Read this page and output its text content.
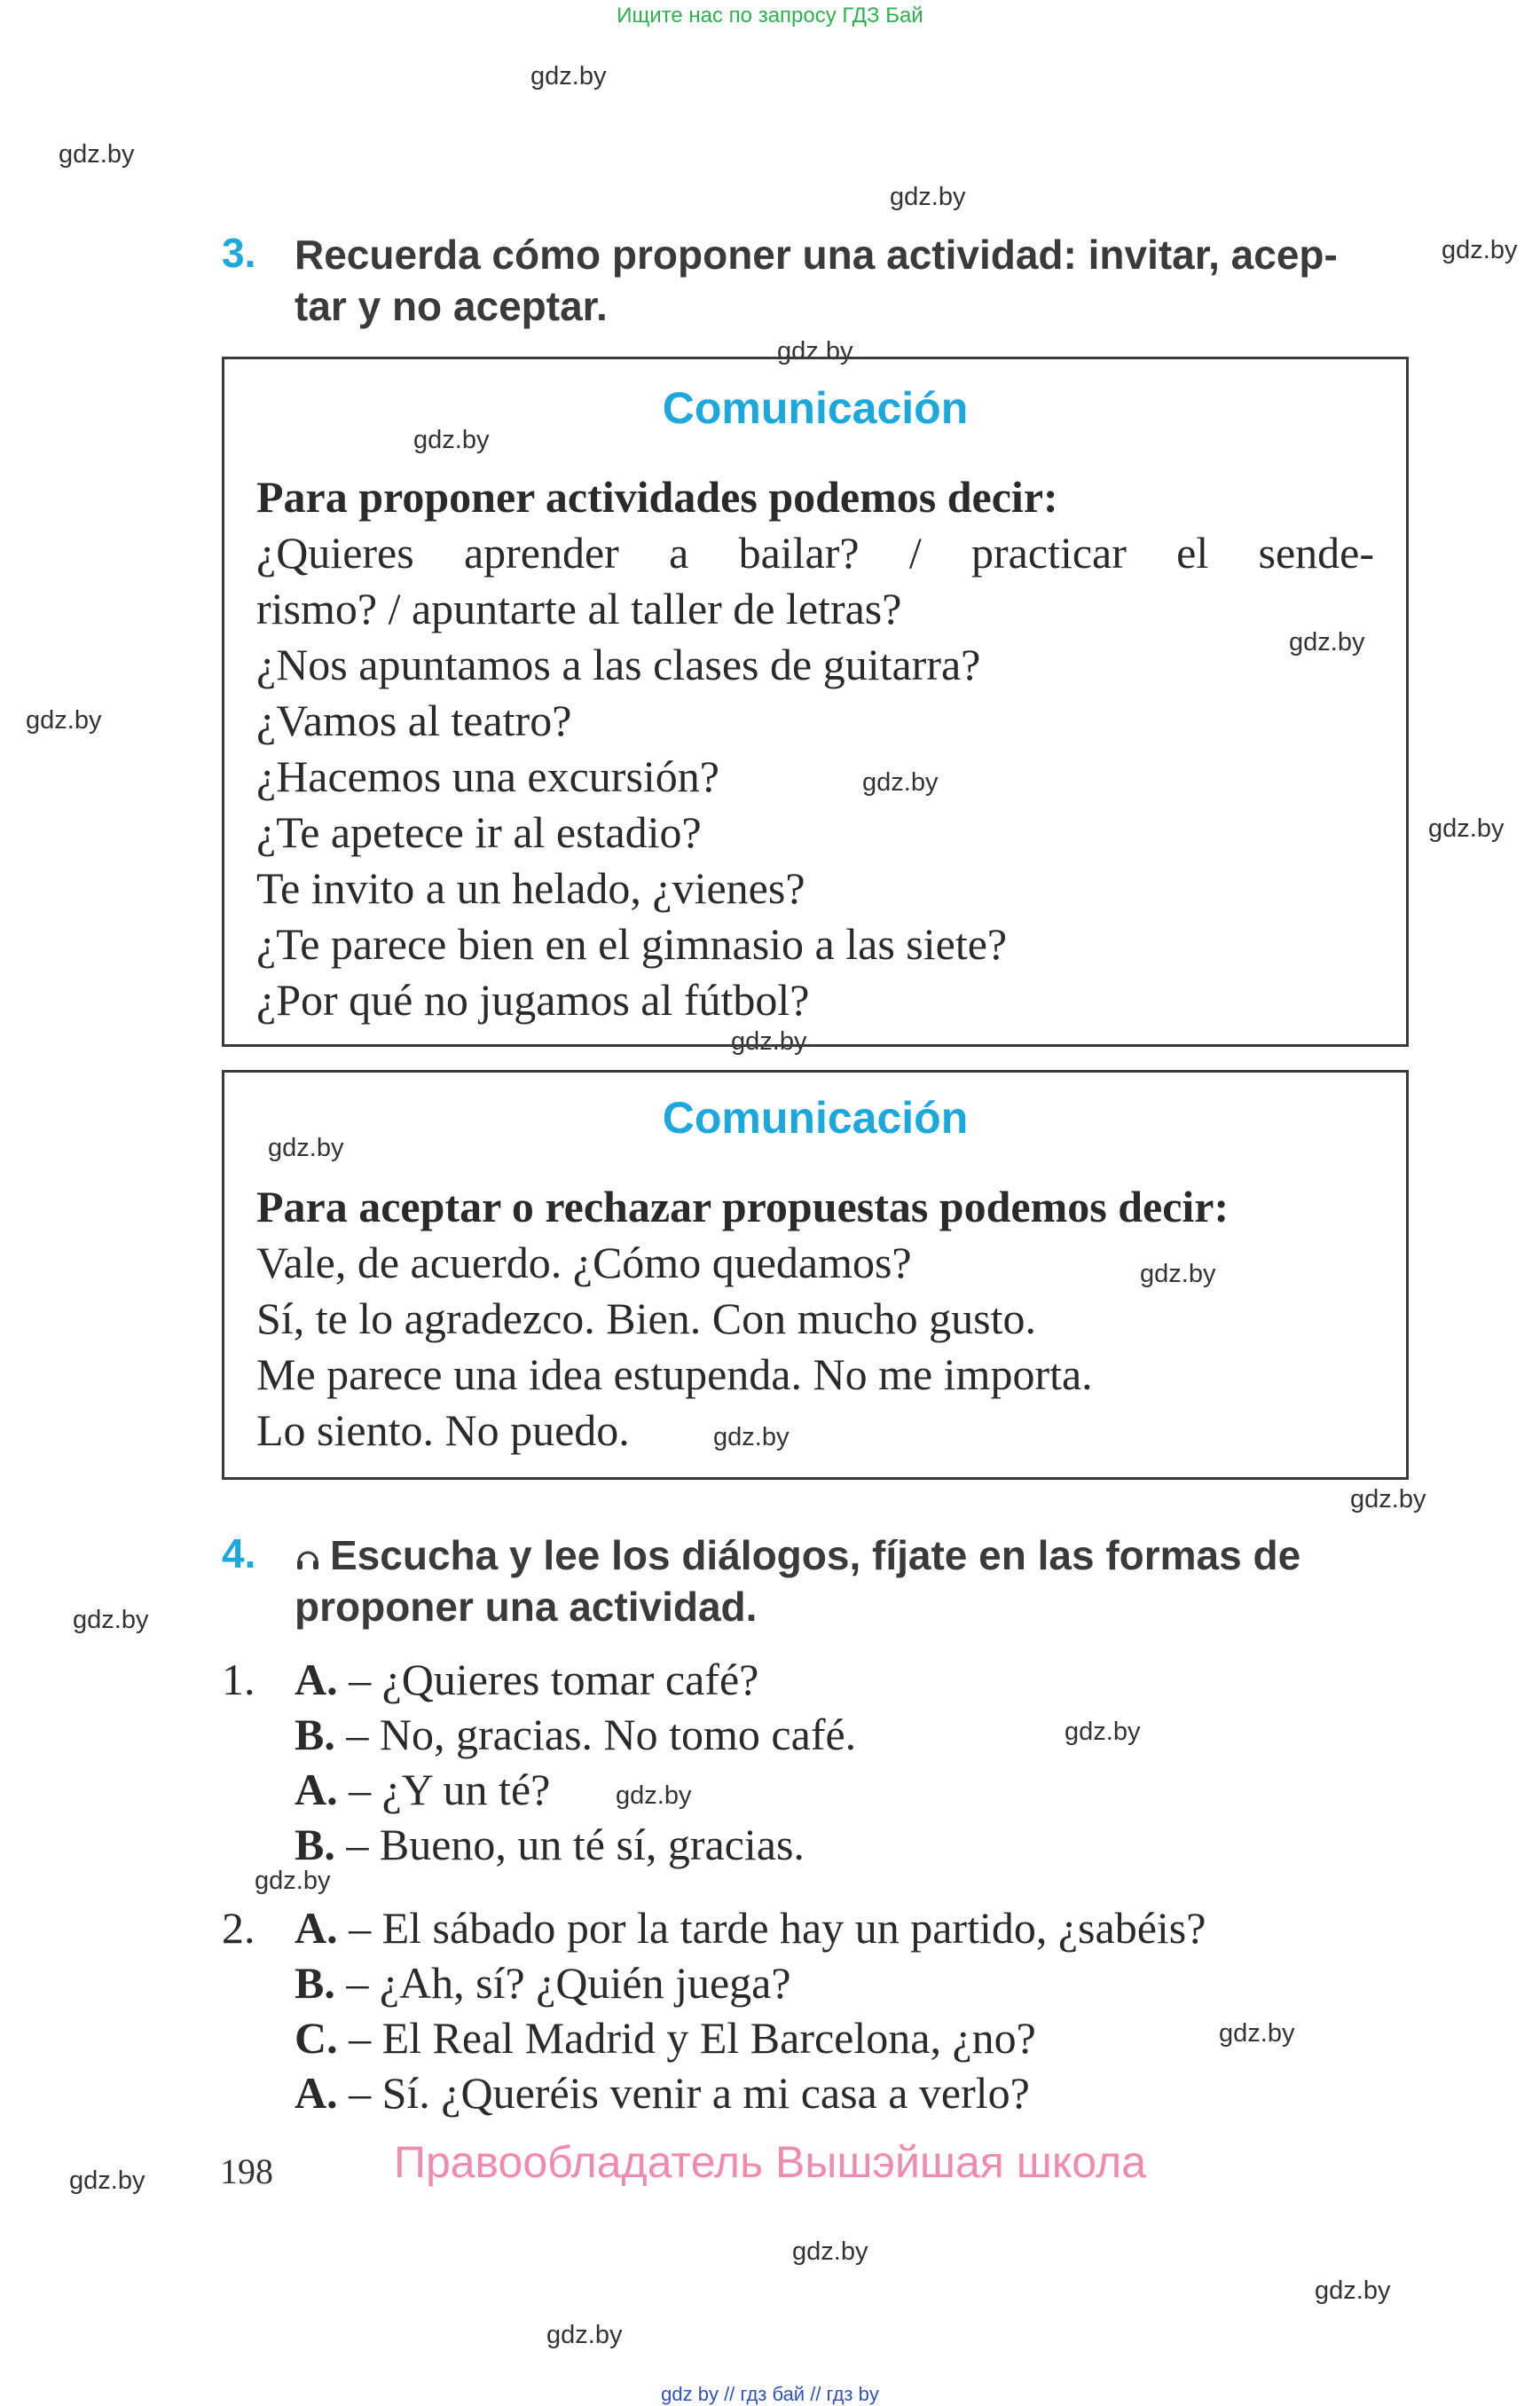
Ищите нас по запросу ГДЗ Бай
gdz.by
gdz.by
gdz.by
gdz.by
gdz.by
gdz.by
gdz.by
gdz.by
gdz.by
gdz.by
gdz.by
gdz.by
gdz.by
gdz.by
gdz.by
gdz.by
gdz.by
gdz.by
gdz.by
gdz.by
gdz.by
gdz.by
gdz.by
gdz.by
3. Recuerda cómo proponer una actividad: invitar, acep-
tar y no aceptar.
Comunicación
Para proponer actividades podemos decir:
¿Quieres aprender a bailar? / practicar el sende-
rismo? / apuntarte al taller de letras?
¿Nos apuntamos a las clases de guitarra?
¿Vamos al teatro?
¿Hacemos una excursión?
¿Te apetece ir al estadio?
Te invito a un helado, ¿vienes?
¿Te parece bien en el gimnasio a las siete?
¿Por qué no jugamos al fútbol?
Comunicación
Para aceptar o rechazar propuestas podemos decir:
Vale, de acuerdo. ¿Cómo quedamos?
Sí, te lo agradezco. Bien. Con mucho gusto.
Me parece una idea estupenda. No me importa.
Lo siento. No puedo.
4.	Escucha y lee los diálogos, fíjate en las formas de
proponer una actividad.
1. A. – ¿Quieres tomar café?
B. – No, gracias. No tomo café.
A. – ¿Y un té?
B. – Bueno, un té sí, gracias.
2. A. – El sábado por la tarde hay un partido, ¿sabéis?
B. – ¿Ah, sí? ¿Quién juega?
C. – El Real Madrid y El Barcelona, ¿no?
A. – Sí. ¿Queréis venir a mi casa a verlo?
Правообладатель Вышэйшая школа
198
gdz by // гдз бай // гдз by
